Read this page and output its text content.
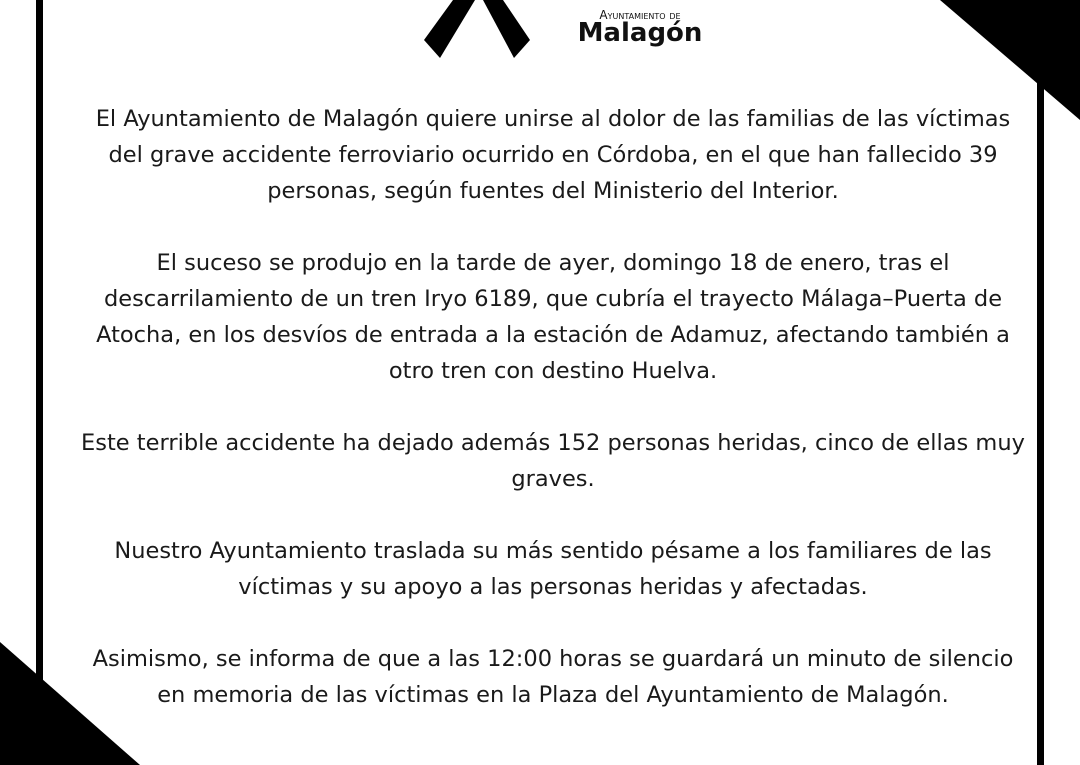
Ayuntamiento de
Malagón

El Ayuntamiento de Malagón quiere unirse al dolor de las familias de las víctimas del grave accidente ferroviario ocurrido en Córdoba, en el que han fallecido 39 personas, según fuentes del Ministerio del Interior.

El suceso se produjo en la tarde de ayer, domingo 18 de enero, tras el descarrilamiento de un tren Iryo 6189, que cubría el trayecto Málaga–Puerta de Atocha, en los desvíos de entrada a la estación de Adamuz, afectando también a otro tren con destino Huelva.

Este terrible accidente ha dejado además 152 personas heridas, cinco de ellas muy graves.

Nuestro Ayuntamiento traslada su más sentido pésame a los familiares de las víctimas y su apoyo a las personas heridas y afectadas.

Asimismo, se informa de que a las 12:00 horas se guardará un minuto de silencio en memoria de las víctimas en la Plaza del Ayuntamiento de Malagón.
